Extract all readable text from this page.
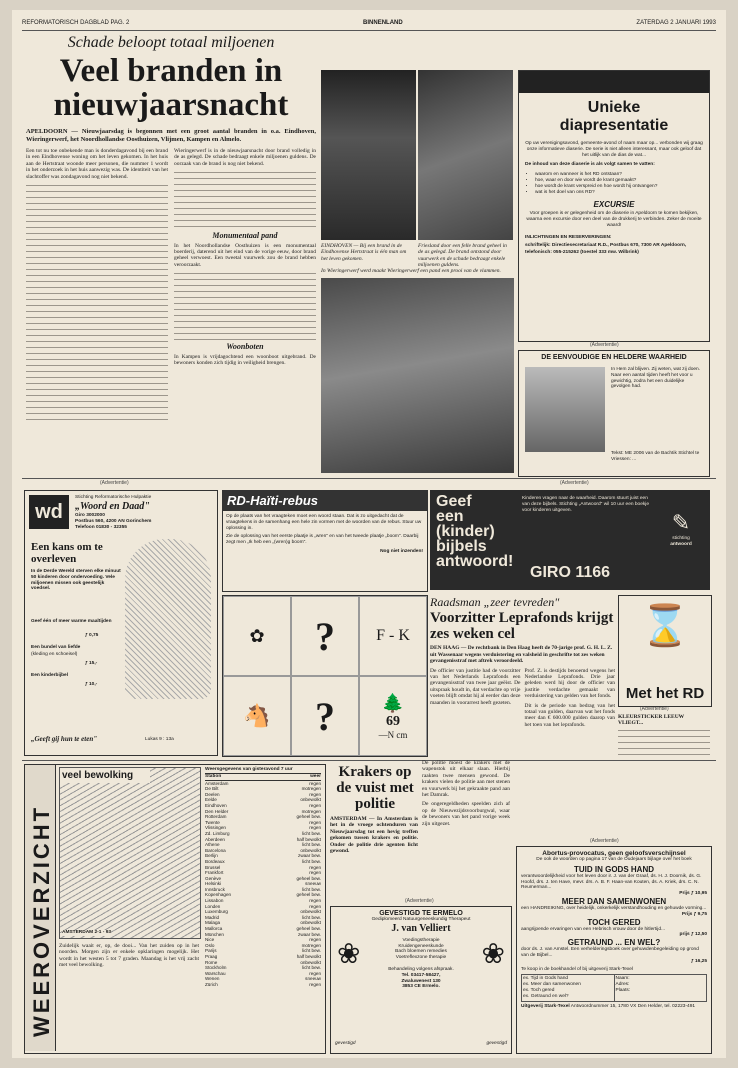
REFORMATORISCH DAGBLAD PAG. 2	BINNENLAND	ZATERDAG 2 JANUARI 1993
Schade beloopt totaal miljoenen
Veel branden in nieuwjaarsnacht
APELDOORN — Nieuwjaarsdag is begonnen met een groot aantal branden in o.a. Eindhoven, Wieringerwerf, het Noordhollandse Oosthuizen, Vlijmen, Kampen en Almelo.

Een tot nu toe onbekende man is donderdagavond bij een brand in een Eindhovense woning om het leven gekomen. In het huis aan de Hertstraat woonde meer personen, die nummer 1 wordt in het onderzoek in het huis aanwezig was. De identiteit van het slachtoffer was zondagavond nog niet bekend.

Wieringerwerf is in de nieuwjaarsnacht door brand volledig in de as gelegd. De schade bedraagt enkele miljoenen guldens. De oorzaak van de brand is nog niet bekend.

Monumentaal pand

In het Noordhollandse Oosthuizen is een monumentaal boerderij, daterend uit het eind van de vorige eeuw, door brand geheel verwoest. Een tweetal vuurwerk zou de brand hebben veroorzaakt.

Woonboten

In Kampen is vrijdagochtend een woonboot uitgebrand. De bewoners konden zich tijdig in veiligheid brengen.

EINDHOVEN — Bij een brand in de Eindhovense Hertstraat is één man om het leven gekomen.
Friesland door een felle brand geheel in de as gelegd. De brand ontstond door vuurwerk en de schade bedraagt enkele miljoenen guldens.
In Wieringerwerf werd maakt Wieringerwerf een pand een prooi van de vlammen.
Unieke diapresentatie
Op uw verenigingsavond, gemeente-avond of naam maar op... verbonden wij graag onze informatieve diaserie. De serie is niet alleen interessant, maar ook geloof dat het uitlijk van de dias de wat...
De inhoud van deze diaserie is als volgt samen te vatten:
• waarom en wanneer is het RD ontstaan?
• hoe, waar en door wie wordt de krant gemaakt?
• hoe wordt de krant verspreid en hoe wordt hij ontvangen?
• wat is het doel van ons RD?
EXCURSIE
Voor groepen is er gelegenheid om de diaserie in Apeldoorn te komen bekijken, waarna een excursie door een deel van de drukkerij te verbinden. Zeker de moeite waard!
INLICHTINGEN EN RESERVERINGEN:
schriftelijk: Directiesecretariaat R.D., Postbus 670, 7300 AR Apeldoorn,
telefonisch: 055-215262 (toestel 333 mw. Wilbrink)
(Advertentie)
DE EENVOUDIGE EN HELDERE WAARHEID
In Hem zal blijven. Zij weten, wat zij doen. Naar een aantal tijden heeft het voor u gewichtig, zodra het een duidelijke gevolgen had.
Tekst: ME 2006 van de Bachtik Stichtel te Vriessen: ...
(Advertentie)
wd
Stichting Reformatorische Hulpaktie
„Woord en Daad"
Giro 3002000
Postbus 560, 4200 AN Gorinchem
Telefoon 01830 - 32355
Een kans om te overleven
In de Derde Wereld sterven elke minuut 50 kinderen door ondervoeding. Vele miljoenen missen ook geestelijk voedsel.
Geef één of meer warme maaltijden
ƒ 0,75
Een bundel van liefde
(kleding en schoeisel)
ƒ 15,-
Een kinderbijbel
ƒ 10,-
„Geeft gij hun te eten"	Lukas 9 : 13a
RD-Haïti-rebus
Op de plaats van het vraagteken moet een woord staan. Dat is zo uitgedacht dat de vraagtekens in de samenhang een hele zin vormen met de woorden van de rebus. Stuur uw oplossing in.
Zie de oplossing van het eerste plaatje is „wren" en van het tweede plaatje „boom". Daarbij zegt men „Ik heb een „(wren)g boom".
Nog niet inzenden!
✿	?	F - K
🐴	?	🌲
69
—N cm
(Advertentie)
Geef
een
(kinder)
bijbels
antwoord!
Kinderen vragen naar de waarheid. Daarom stuurt juist een van deze bijbels. Stichting „Antwoord" wil 10 uur een boekje voor kinderen uitgeven.
GIRO 1166
✎
stichting
antwoord
Raadsman „zeer tevreden"
Voorzitter Leprafonds krijgt zes weken cel
DEN HAAG — De rechtbank in Den Haag heeft de 70-jarige prof. G. H. L. Z. uit Wassenaar wegens verduistering en valsheid in geschrifte tot zes weken gevangenisstraf met aftrek veroordeeld.

De officier van justitie had de voorzitter van het Nederlands Leprafonds een gevangenisstraf van twee jaar geëist. De uitspraak houdt in, dat verdachte op vrije voeten blijft omdat hij al eerder dan deze maanden in voorarrest heeft gezeten.

Prof. Z. is destijds benoemd wegens het Nederlandse Leprafonds. Drie jaar geleden werd hij door de officier van justitie verdachte gemaakt van verduistering van gelden van het fonds.

Dit is de periode van bedrag van het totaal van gulden, daarvan wat het fonds meer dan € 600.000 gulden daarop van het toen van het leprafonds.

⌛
Met het RD
(Advertentie)
KLEURSTICKER LEEUW VLIEGT...
WEEROVERZICHT
veel bewolking
AMSTERDAM 2-1 - 93

Zuidelijk waait er, op, de dooi... Van het zuiden op in het noorden. Morgen zijn er enkele opklaringen mogelijk. Het wordt in het westen 5 tot 7 graden. Maandag is het vrij zacht met veel bewolking.

Weersgegevens van gisteravond 7 uur
Station	weer
Amsterdam	regen
De Bilt	motregen
Deelen	regen
Eelde	onbewolkt
Eindhoven	regen
Den Helder	motregen
Rotterdam	geheel bew.
Twente	regen
Vlissingen	regen
Zd. Limburg	licht bew.
Aberdeen	half bewolkt
Athene	licht bew.
Barcelona	onbewolkt
Berlijn	zwaar bew.
Bordeaux	licht bew.
Brussel	regen
Frankfort	regen
Genève	geheel bew.
Helsinki	sneeuw
Innsbruck	licht bew.
Kopenhagen	geheel bew.
Lissabon	regen
Londen	regen
Luxemburg	onbewolkt
Madrid	licht bew.
Malaga	onbewolkt
Mallorca	geheel bew.
München	zwaar bew.
Nice	regen
Oslo	motregen
Parijs	licht bew.
Praag	half bewolkt
Rome	onbewolkt
Stockholm	licht bew.
Warschau	regen
Wenen	sneeuw
Zürich	regen
Krakers op de vuist met politie

AMSTERDAM — In Amsterdam is het in de vroege ochtenduren van Nieuwjaarsdag tot een hevig treffen gekomen tussen krakers en politie. Onder de politie drie agenten licht gewond.

De politie moest de krakers met de wapenstok uit elkaar slaan. Hierbij raakten twee mensen gewond. De krakers vielen de politie aan met stenen en vuurwerk bij het gekraakte pand aan het Damrak.

De ongeregeldheden speelden zich af op de Nieuwezijdsvoorburgwal, waar de bewoners van het pand vorige week zijn uitgezet.

(Advertentie)
GEVESTIGD TE ERMELO
Gediplomeerd Natuurgeneeskundig Therapeut
J. van Velliert
Voedingstherapie
Kruidengeneeskunde
Bach bloemen remedies
Voetreflexzone therapie
Behandeling volgens afspraak.
Tel. 03417-58427,
Zwaluwenest 130
3853 CE Ermelo.
❀	❀
gevestigd	gevestigd
(Advertentie)
Abortus-provocatus, geen geloofsverschijnsel
De ook de woorden op pagina 17 van de Oudejaars bijlage over het boek
TUID IN GODS HAND
verantwoordelijkheid voor het leven door ir. J. van der Graaf, ds. H. J. Doornik, ds. G. Hoofd, drs. J. ten Have, mevr. drs. A. B. F. Haan-van Kouten, ds. A. Kriek, drs. C. N. Reumerman...
Prijs ƒ 10,95
MEER DAN SAMENWONEN
een HANDREIKING, over heidelijk, onkerkelijk verstandhouding en gehuwde vorming...
Prijs ƒ 9,75
TOCH GERED
aangrijpende ervaringen van een Hebrisch vrouw door de hitlertijd...
prijs ƒ 12,50
GETRAUND ... EN WEL?
door ds. J. van Amstel. Een verhelderingsboek over gehuwdenbegeleiding op grond van de Bijbel...
ƒ 16,25
Te koop in de boekhandel of bij uitgeverij Stark-Texel
ex. Tijd in Gods hand
ex. Meer dan samenwonen
ex. Toch gered
ex. Getraund en wel?
Naam:
Adres:
Plaats:
Uitgeverij Stark-Texel Antwoordnummer 15, 1780 VX Den Helder, tel. 02223-491
